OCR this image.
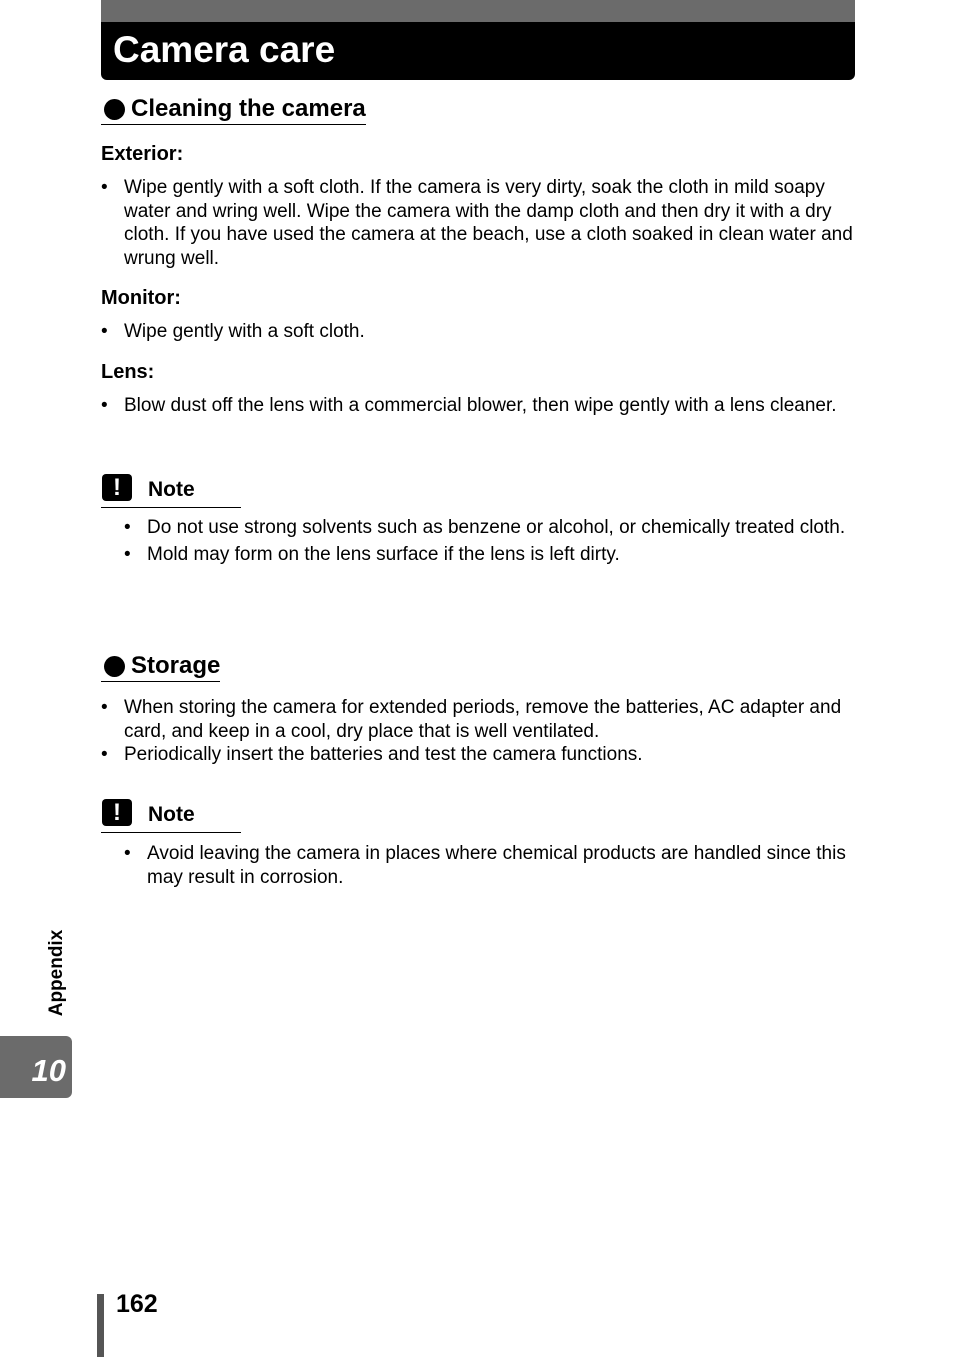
Camera care
Cleaning the camera
Exterior:
• Wipe gently with a soft cloth. If the camera is very dirty, soak the cloth in mild soapy water and wring well. Wipe the camera with the damp cloth and then dry it with a dry cloth. If you have used the camera at the beach, use a cloth soaked in clean water and wrung well.
Monitor:
• Wipe gently with a soft cloth.
Lens:
• Blow dust off the lens with a commercial blower, then wipe gently with a lens cleaner.
!	Note
• Do not use strong solvents such as benzene or alcohol, or chemically treated cloth.
• Mold may form on the lens surface if the lens is left dirty.
Storage
• When storing the camera for extended periods, remove the batteries, AC adapter and card, and keep in a cool, dry place that is well ventilated.
• Periodically insert the batteries and test the camera functions.
!	Note
• Avoid leaving the camera in places where chemical products are handled since this may result in corrosion.
Appendix
10
162
